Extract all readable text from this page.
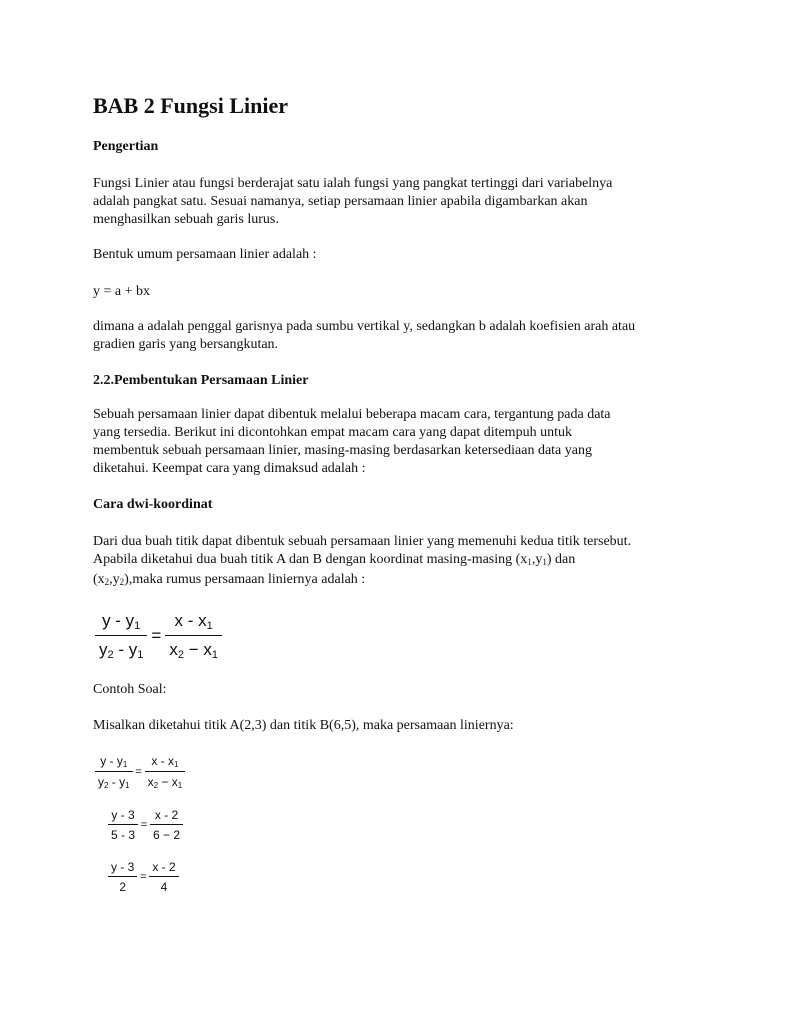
BAB 2 Fungsi Linier
Pengertian
Fungsi Linier atau fungsi berderajat satu ialah fungsi yang pangkat tertinggi dari variabelnya
adalah pangkat satu. Sesuai namanya, setiap persamaan linier apabila digambarkan akan
menghasilkan sebuah garis lurus.
Bentuk umum persamaan linier adalah :
y = a + bx
dimana a adalah penggal garisnya pada sumbu vertikal y, sedangkan b adalah koefisien arah atau
gradien garis yang bersangkutan.
2.2.Pembentukan Persamaan Linier
Sebuah persamaan linier dapat dibentuk melalui beberapa macam cara, tergantung pada data
yang tersedia. Berikut ini dicontohkan empat macam cara yang dapat ditempuh untuk
membentuk sebuah persamaan linier, masing-masing berdasarkan ketersediaan data yang
diketahui. Keempat cara yang dimaksud adalah :
Cara dwi-koordinat
Dari dua buah titik dapat dibentuk sebuah persamaan linier yang memenuhi kedua titik tersebut.
Apabila diketahui dua buah titik A dan B dengan koordinat masing-masing $(x_1,y_1)$ dan
$(x_2,y_2),maka$ rumus persamaan liniernya adalah :
Contoh Soal:
Misalkan diketahui titik A(2,3) dan titik B(6,5), maka persamaan liniernya:
$\frac{y - y_1}{y_2 - y_1} = \frac{x - x_1}{x_2 - x_1}$
$\frac{y - y_1}{y_2 - y_1} = \frac{x - x_1}{x_2 - x_1}$
$\frac{y - 3}{5 - 3} = \frac{x - 2}{6 - 2}$
$\frac{y - 3}{2} = \frac{x - 2}{4}$
